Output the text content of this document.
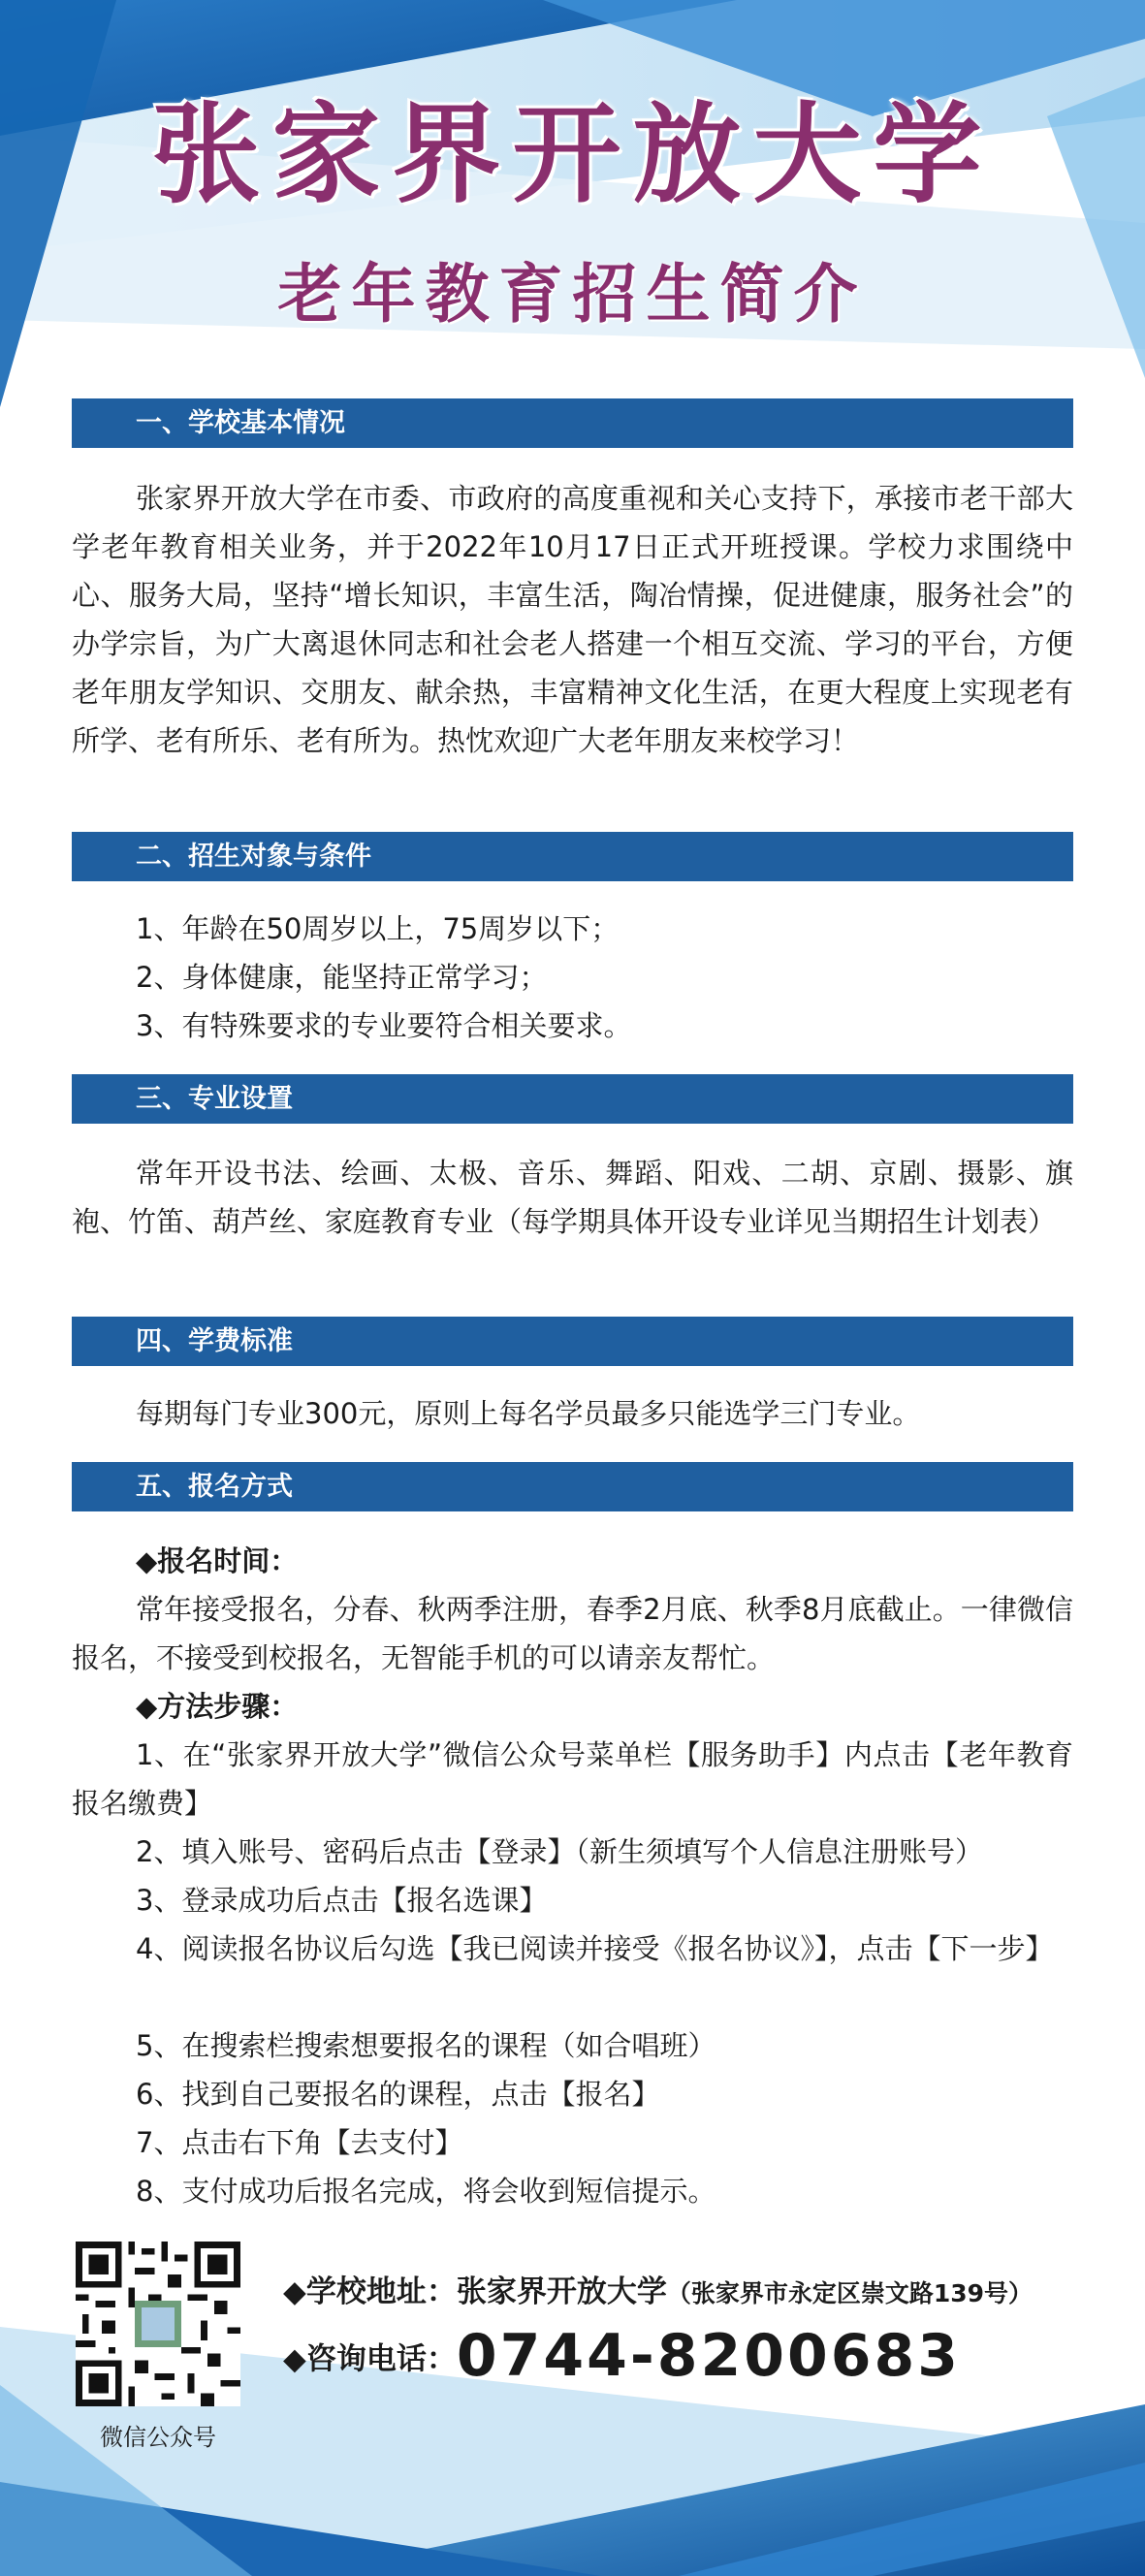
张家界开放大学
老年教育招生简介
一、学校基本情况

张家界开放大学在市委、市政府的高度重视和关心支持下，承接市老干部大学老年教育相关业务，并于2022年10月17日正式开班授课。学校力求围绕中心、服务大局，坚持“增长知识，丰富生活，陶冶情操，促进健康，服务社会”的办学宗旨，为广大离退休同志和社会老人搭建一个相互交流、学习的平台，方便老年朋友学知识、交朋友、献余热，丰富精神文化生活，在更大程度上实现老有所学、老有所乐、老有所为。热忱欢迎广大老年朋友来校学习！

二、招生对象与条件
1、年龄在50周岁以上，75周岁以下；
2、身体健康，能坚持正常学习；
3、有特殊要求的专业要符合相关要求。
三、专业设置

常年开设书法、绘画、太极、音乐、舞蹈、阳戏、二胡、京剧、摄影、旗袍、竹笛、葫芦丝、家庭教育专业（每学期具体开设专业详见当期招生计划表）

四、学费标准
每期每门专业300元，原则上每名学员最多只能选学三门专业。
五、报名方式
◆报名时间：
常年接受报名，分春、秋两季注册，春季2月底、秋季8月底截止。一律微信报名，不接受到校报名，无智能手机的可以请亲友帮忙。
◆方法步骤：
1、在“张家界开放大学”微信公众号菜单栏【服务助手】内点击【老年教育报名缴费】
2、填入账号、密码后点击【登录】（新生须填写个人信息注册账号）
3、登录成功后点击【报名选课】
4、阅读报名协议后勾选【我已阅读并接受《报名协议》】，点击【下一步】
5、在搜索栏搜索想要报名的课程（如合唱班）
6、找到自己要报名的课程，点击【报名】
7、点击右下角【去支付】
8、支付成功后报名完成，将会收到短信提示。
微信公众号
◆学校地址：张家界开放大学（张家界市永定区崇文路139号）
◆咨询电话：0744-8200683
